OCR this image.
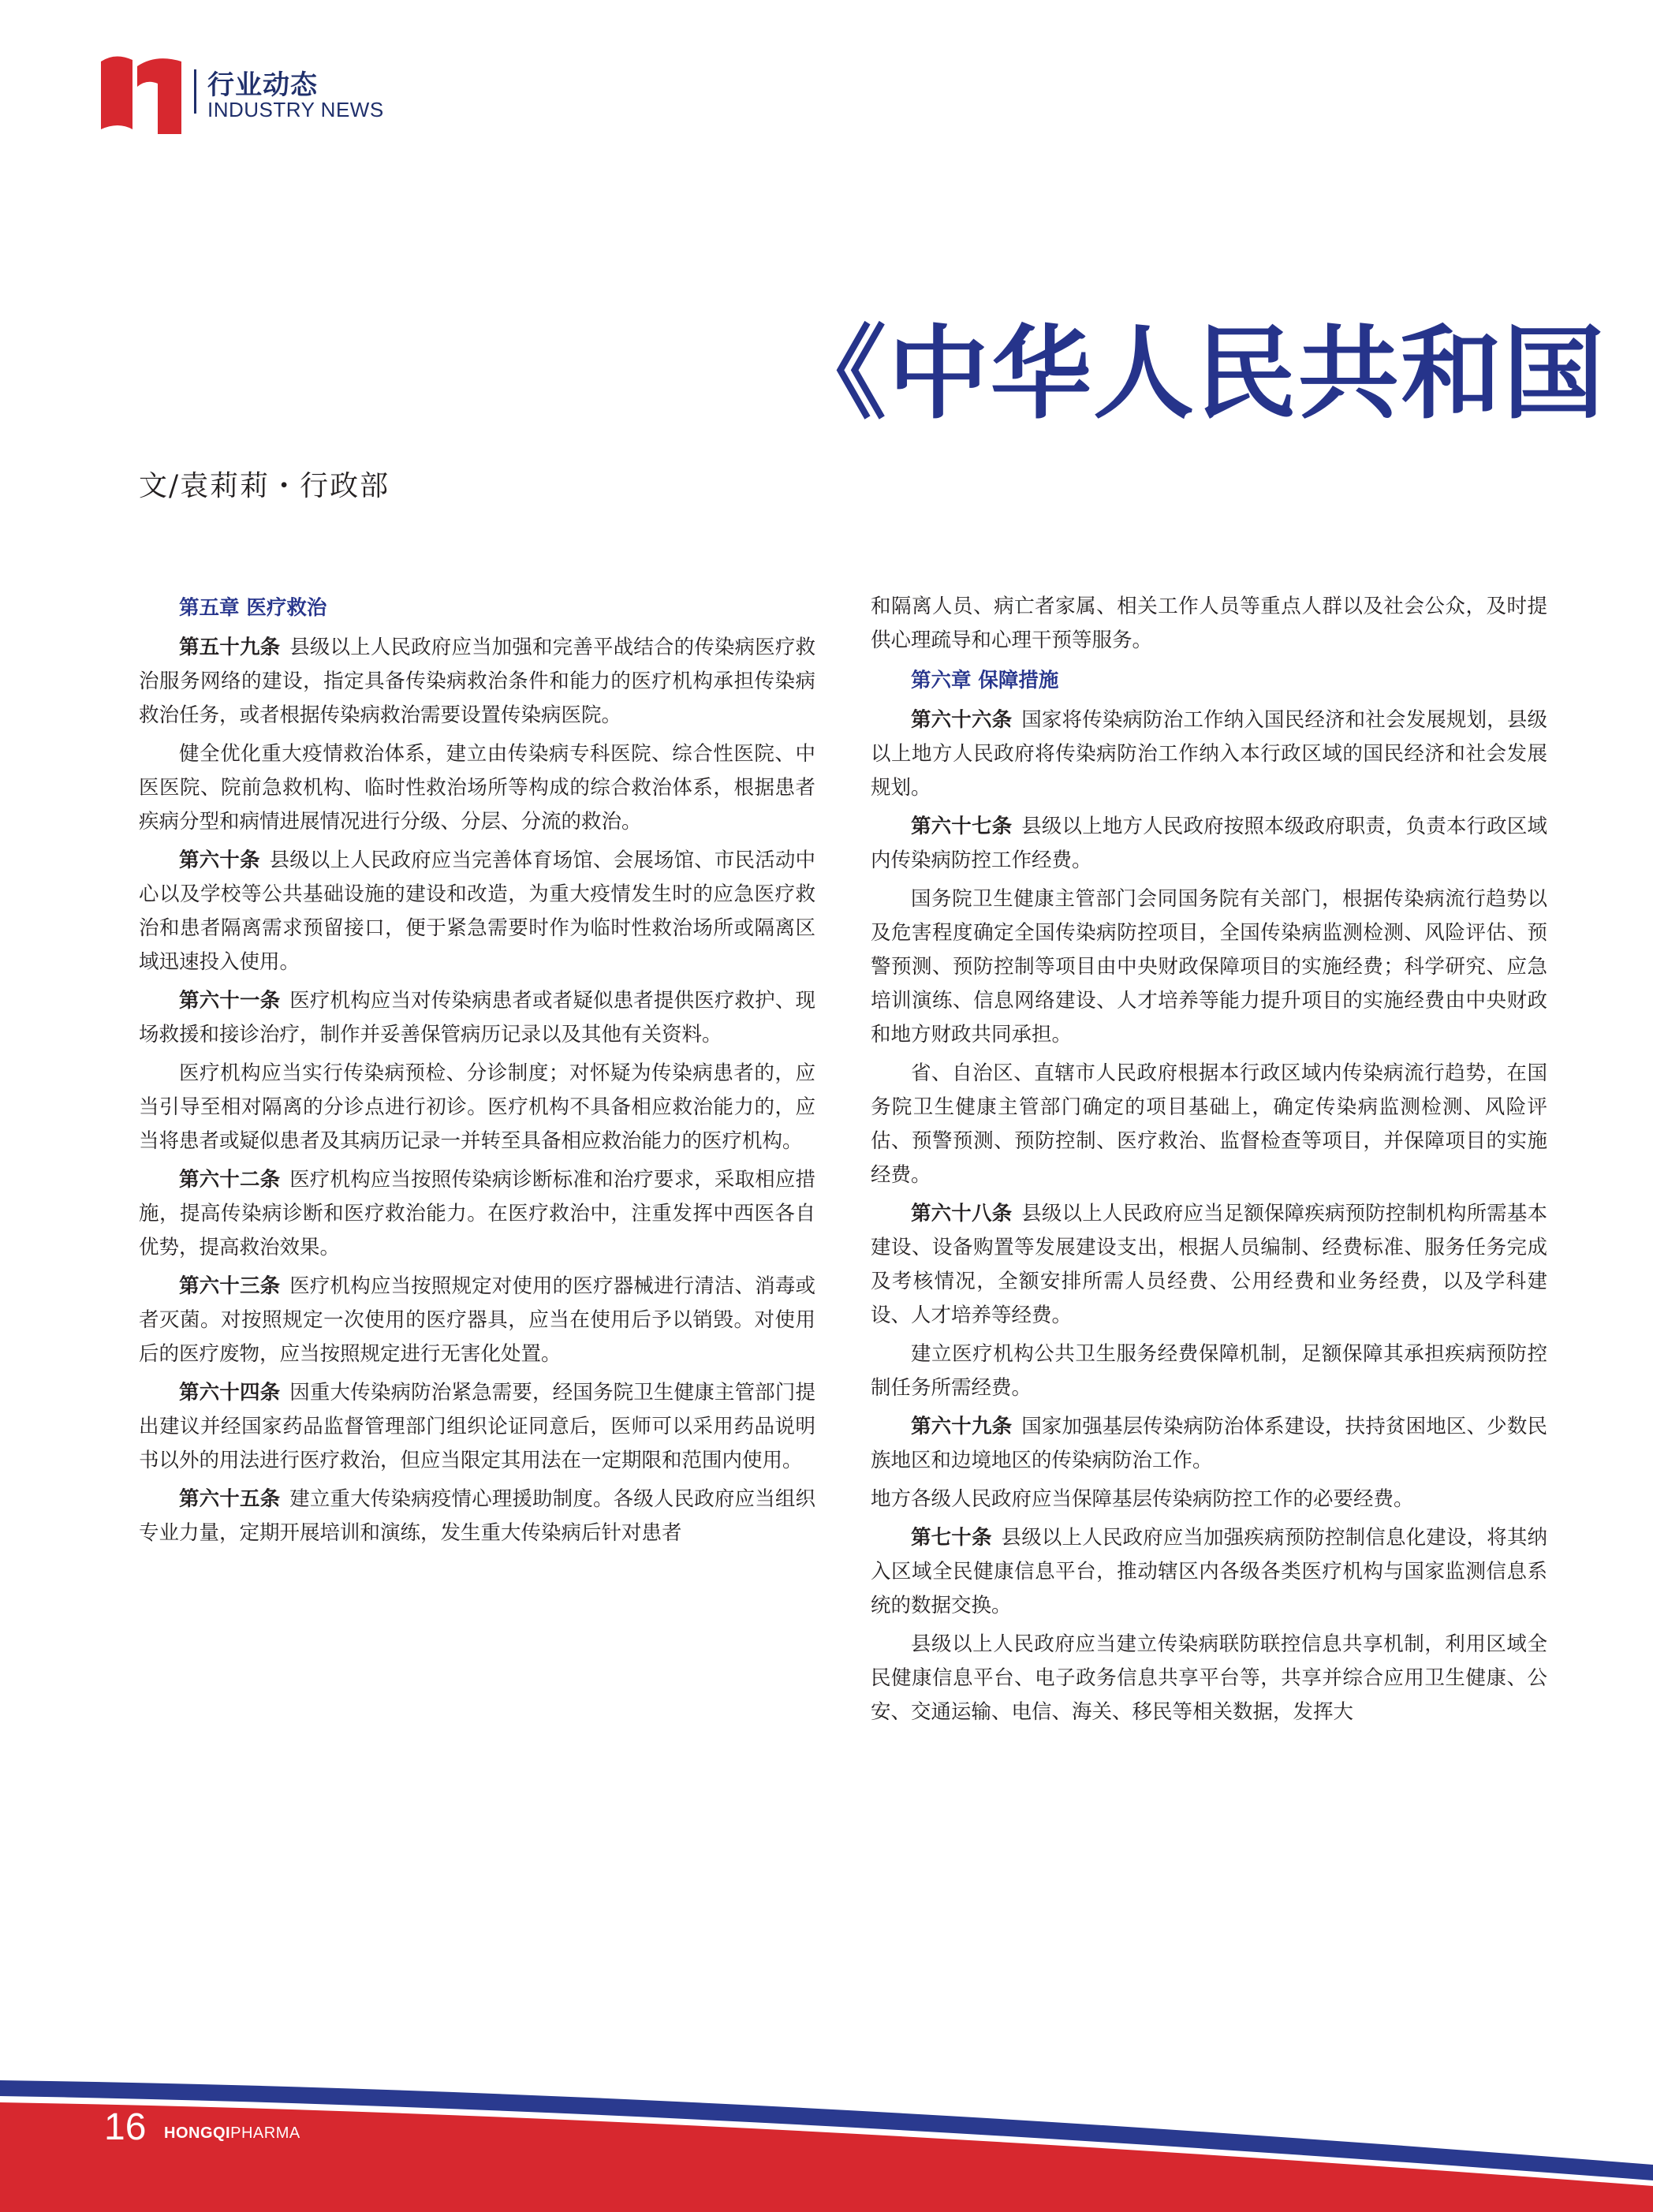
行业动态
INDUSTRY NEWS
《中华人民共和国
文/袁莉莉・行政部
第五章 医疗救治

第五十九条 县级以上人民政府应当加强和完善平战结合的传染病医疗救治服务网络的建设，指定具备传染病救治条件和能力的医疗机构承担传染病救治任务，或者根据传染病救治需要设置传染病医院。

健全优化重大疫情救治体系，建立由传染病专科医院、综合性医院、中医医院、院前急救机构、临时性救治场所等构成的综合救治体系，根据患者疾病分型和病情进展情况进行分级、分层、分流的救治。

第六十条 县级以上人民政府应当完善体育场馆、会展场馆、市民活动中心以及学校等公共基础设施的建设和改造，为重大疫情发生时的应急医疗救治和患者隔离需求预留接口，便于紧急需要时作为临时性救治场所或隔离区域迅速投入使用。

第六十一条 医疗机构应当对传染病患者或者疑似患者提供医疗救护、现场救援和接诊治疗，制作并妥善保管病历记录以及其他有关资料。

医疗机构应当实行传染病预检、分诊制度；对怀疑为传染病患者的，应当引导至相对隔离的分诊点进行初诊。医疗机构不具备相应救治能力的，应当将患者或疑似患者及其病历记录一并转至具备相应救治能力的医疗机构。

第六十二条 医疗机构应当按照传染病诊断标准和治疗要求，采取相应措施，提高传染病诊断和医疗救治能力。在医疗救治中，注重发挥中西医各自优势，提高救治效果。

第六十三条 医疗机构应当按照规定对使用的医疗器械进行清洁、消毒或者灭菌。对按照规定一次使用的医疗器具，应当在使用后予以销毁。对使用后的医疗废物，应当按照规定进行无害化处置。

第六十四条 因重大传染病防治紧急需要，经国务院卫生健康主管部门提出建议并经国家药品监督管理部门组织论证同意后，医师可以采用药品说明书以外的用法进行医疗救治，但应当限定其用法在一定期限和范围内使用。

第六十五条 建立重大传染病疫情心理援助制度。各级人民政府应当组织专业力量，定期开展培训和演练，发生重大传染病后针对患者

和隔离人员、病亡者家属、相关工作人员等重点人群以及社会公众，及时提供心理疏导和心理干预等服务。

第六章 保障措施

第六十六条 国家将传染病防治工作纳入国民经济和社会发展规划，县级以上地方人民政府将传染病防治工作纳入本行政区域的国民经济和社会发展规划。

第六十七条 县级以上地方人民政府按照本级政府职责，负责本行政区域内传染病防控工作经费。

国务院卫生健康主管部门会同国务院有关部门，根据传染病流行趋势以及危害程度确定全国传染病防控项目，全国传染病监测检测、风险评估、预警预测、预防控制等项目由中央财政保障项目的实施经费；科学研究、应急培训演练、信息网络建设、人才培养等能力提升项目的实施经费由中央财政和地方财政共同承担。

省、自治区、直辖市人民政府根据本行政区域内传染病流行趋势，在国务院卫生健康主管部门确定的项目基础上，确定传染病监测检测、风险评估、预警预测、预防控制、医疗救治、监督检查等项目，并保障项目的实施经费。

第六十八条 县级以上人民政府应当足额保障疾病预防控制机构所需基本建设、设备购置等发展建设支出，根据人员编制、经费标准、服务任务完成及考核情况，全额安排所需人员经费、公用经费和业务经费，以及学科建设、人才培养等经费。

建立医疗机构公共卫生服务经费保障机制，足额保障其承担疾病预防控制任务所需经费。

第六十九条 国家加强基层传染病防治体系建设，扶持贫困地区、少数民族地区和边境地区的传染病防治工作。

地方各级人民政府应当保障基层传染病防控工作的必要经费。

第七十条 县级以上人民政府应当加强疾病预防控制信息化建设，将其纳入区域全民健康信息平台，推动辖区内各级各类医疗机构与国家监测信息系统的数据交换。

县级以上人民政府应当建立传染病联防联控信息共享机制，利用区域全民健康信息平台、电子政务信息共享平台等，共享并综合应用卫生健康、公安、交通运输、电信、海关、移民等相关数据，发挥大

16 HONGQIPHARMA
